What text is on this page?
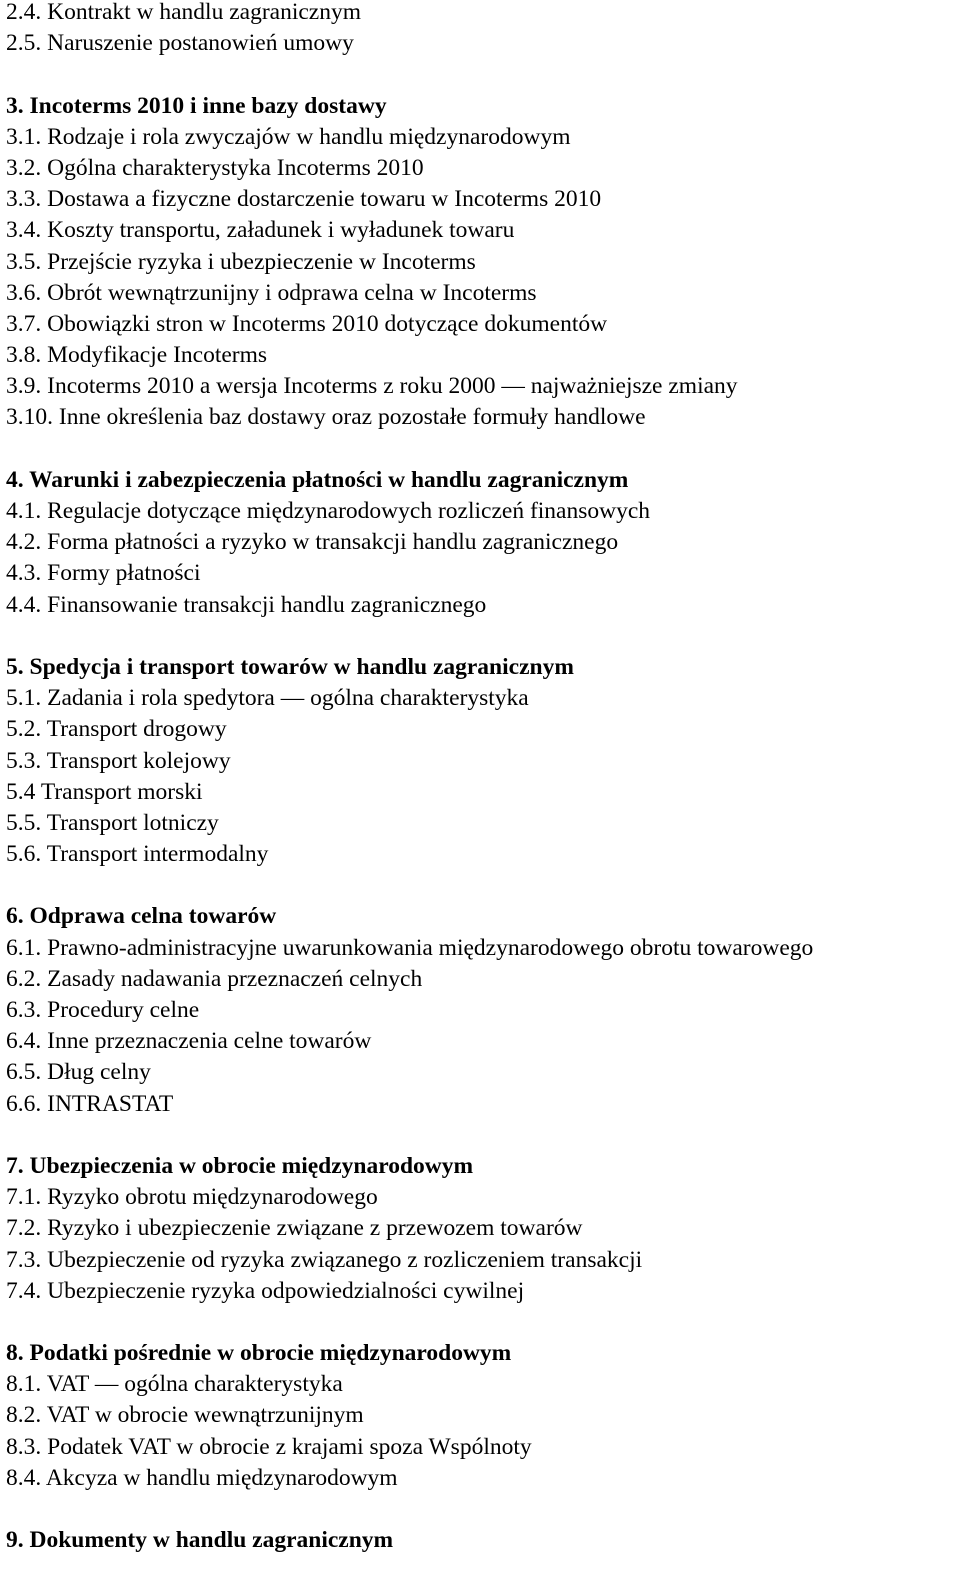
2.4. Kontrakt w handlu zagranicznym
2.5. Naruszenie postanowień umowy
3. Incoterms 2010 i inne bazy dostawy
3.1. Rodzaje i rola zwyczajów w handlu międzynarodowym
3.2. Ogólna charakterystyka Incoterms 2010
3.3. Dostawa a fizyczne dostarczenie towaru w Incoterms 2010
3.4. Koszty transportu, załadunek i wyładunek towaru
3.5. Przejście ryzyka i ubezpieczenie w Incoterms
3.6. Obrót wewnątrzunijny i odprawa celna w Incoterms
3.7. Obowiązki stron w Incoterms 2010 dotyczące dokumentów
3.8. Modyfikacje Incoterms
3.9. Incoterms 2010 a wersja Incoterms z roku 2000 — najważniejsze zmiany
3.10. Inne określenia baz dostawy oraz pozostałe formuły handlowe
4. Warunki i zabezpieczenia płatności w handlu zagranicznym
4.1. Regulacje dotyczące międzynarodowych rozliczeń finansowych
4.2. Forma płatności a ryzyko w transakcji handlu zagranicznego
4.3. Formy płatności
4.4. Finansowanie transakcji handlu zagranicznego
5. Spedycja i transport towarów w handlu zagranicznym
5.1. Zadania i rola spedytora — ogólna charakterystyka
5.2. Transport drogowy
5.3. Transport kolejowy
5.4 Transport morski
5.5. Transport lotniczy
5.6. Transport intermodalny
6. Odprawa celna towarów
6.1. Prawno-administracyjne uwarunkowania międzynarodowego obrotu towarowego
6.2. Zasady nadawania przeznaczeń celnych
6.3. Procedury celne
6.4. Inne przeznaczenia celne towarów
6.5. Dług celny
6.6. INTRASTAT
7. Ubezpieczenia w obrocie międzynarodowym
7.1. Ryzyko obrotu międzynarodowego
7.2. Ryzyko i ubezpieczenie związane z przewozem towarów
7.3. Ubezpieczenie od ryzyka związanego z rozliczeniem transakcji
7.4. Ubezpieczenie ryzyka odpowiedzialności cywilnej
8. Podatki pośrednie w obrocie międzynarodowym
8.1. VAT — ogólna charakterystyka
8.2. VAT w obrocie wewnątrzunijnym
8.3. Podatek VAT w obrocie z krajami spoza Wspólnoty
8.4. Akcyza w handlu międzynarodowym
9. Dokumenty w handlu zagranicznym
